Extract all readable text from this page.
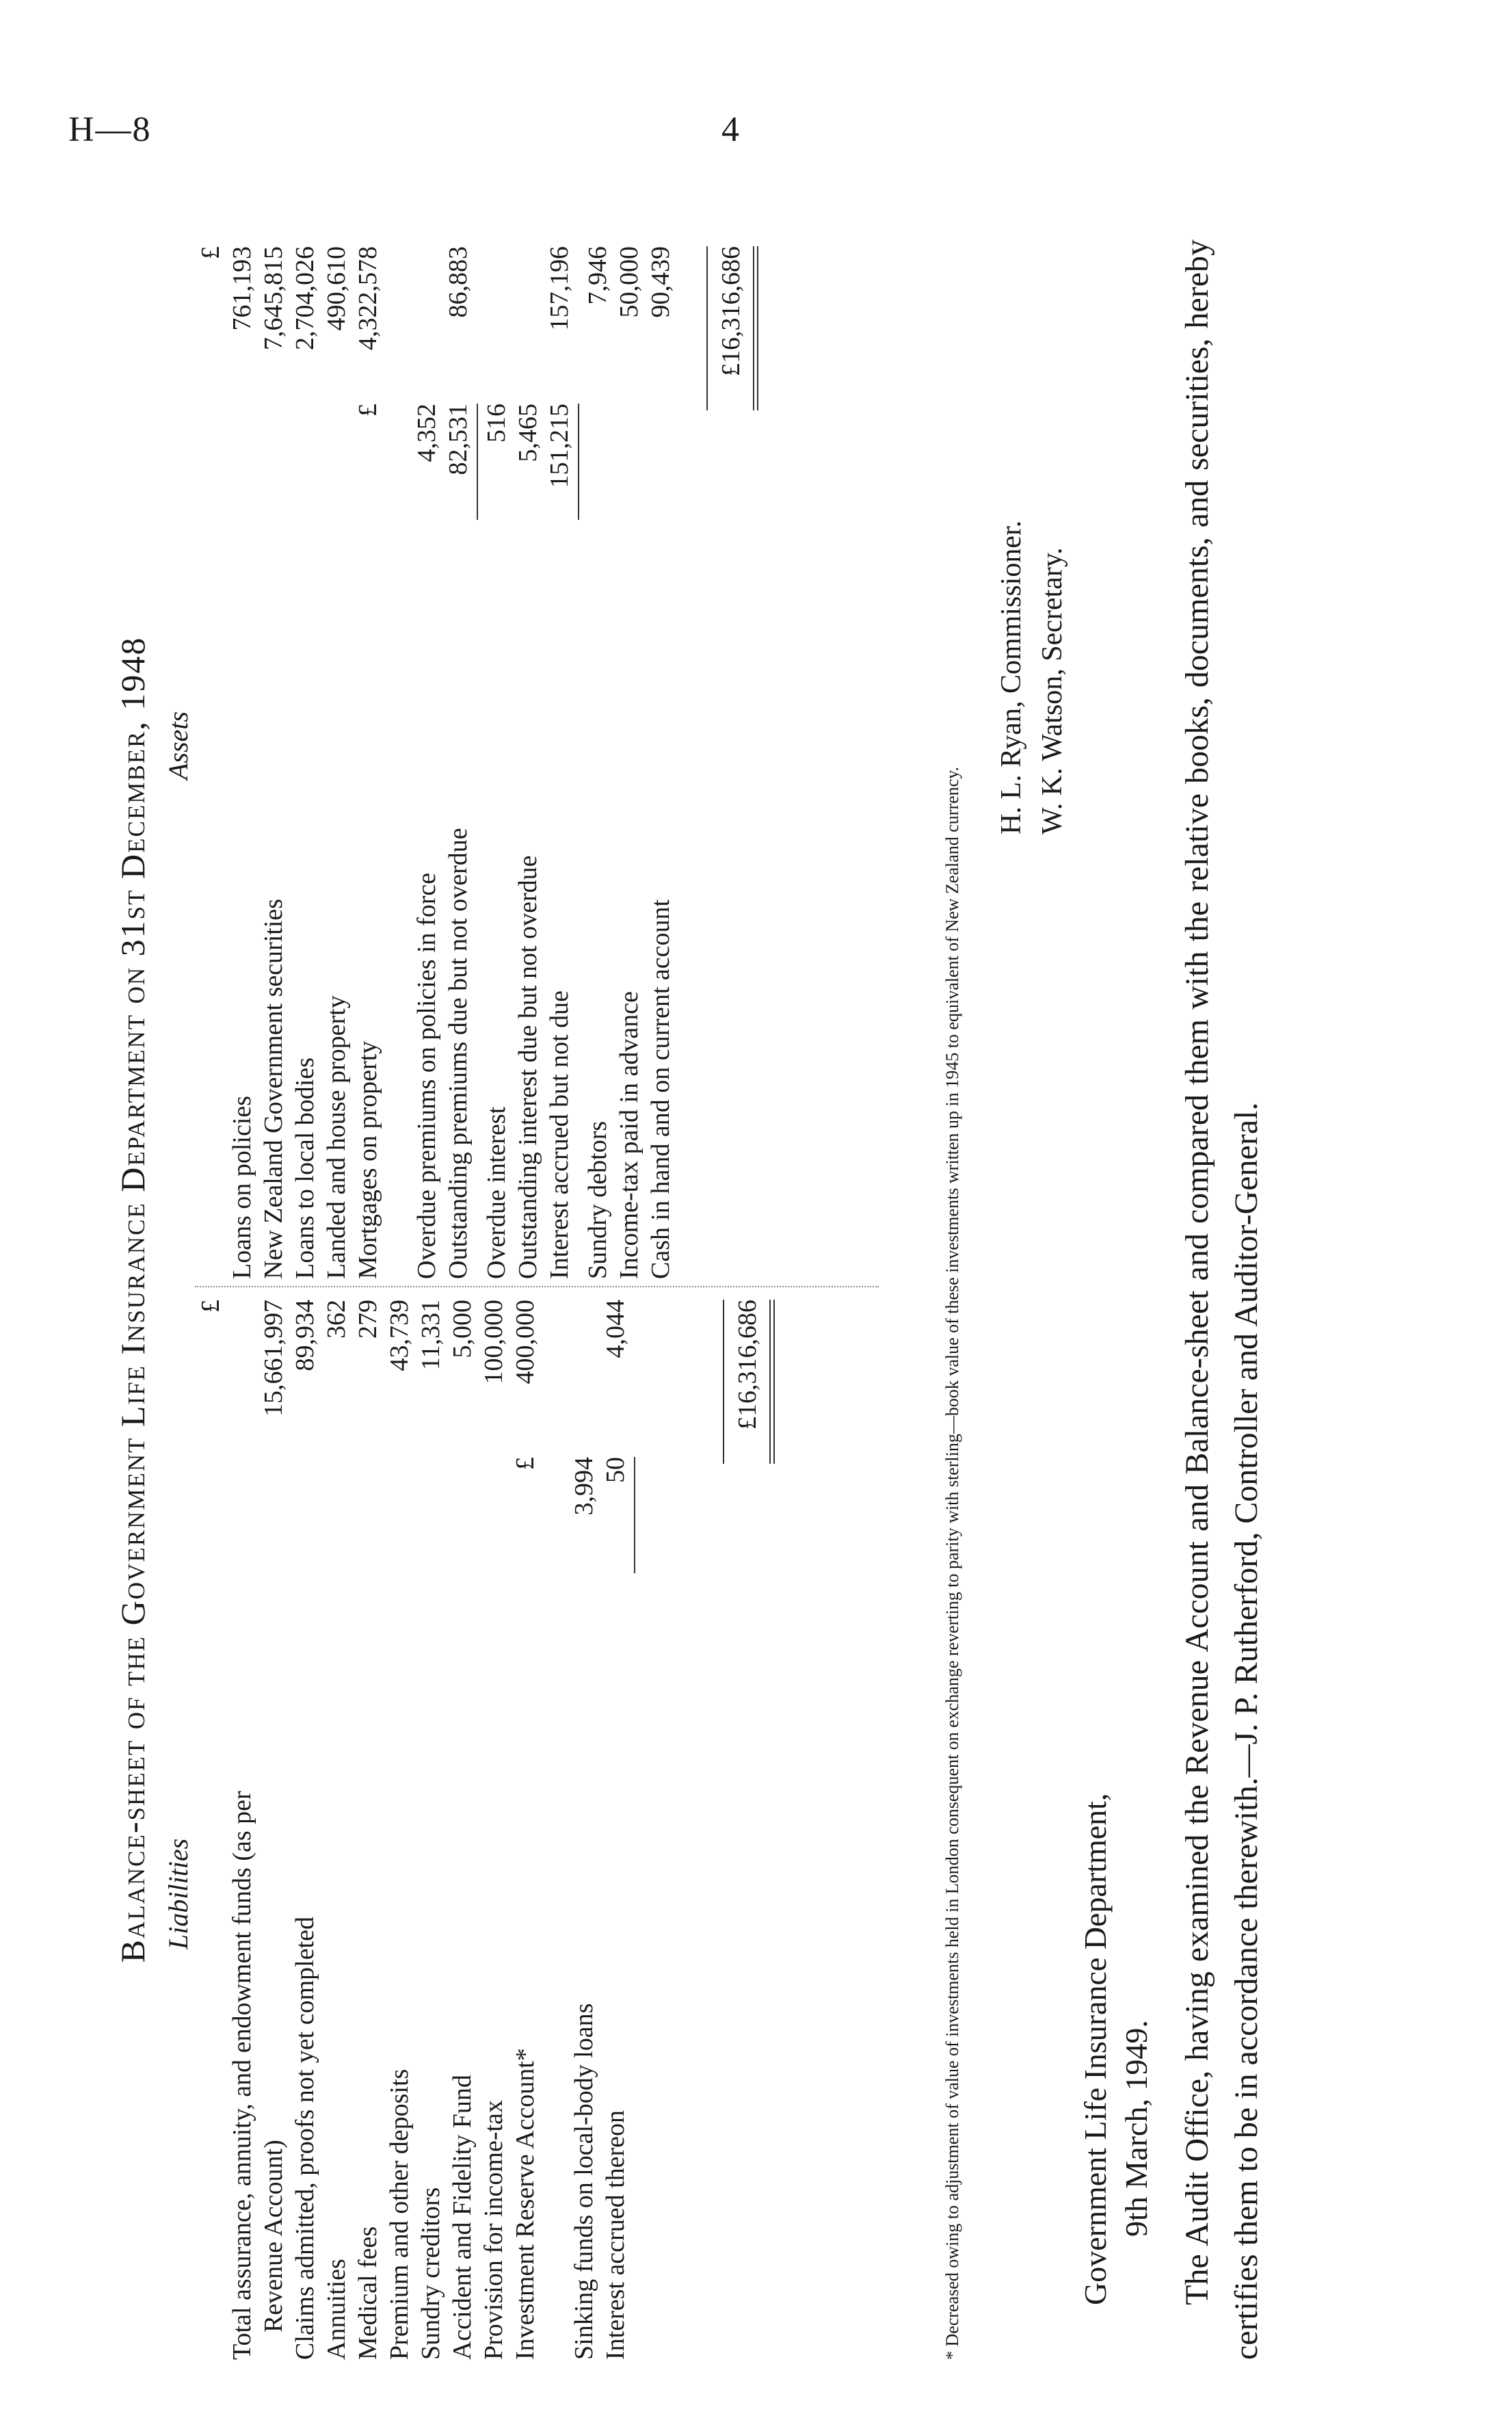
H—8	4
Balance-sheet of the Government Life Insurance Department on 31st December, 1948 Liabilities
Assets
£
Total assurance, annuity, and endowment funds (as per Revenue Account)
15,661,997
Claims admitted, proofs not yet completed
89,934
Annuities
362
Medical fees
279
Premium and other deposits
43,739
Sundry creditors
11,331
Accident and Fidelity Fund
5,000
Provision for income-tax
100,000
Investment Reserve Account*
£
400,000
Sinking funds on local-body loans
3,994
Interest accrued thereon
50
4,044	£16,316,686
£
Loans on policies
761,193
New Zealand Government securities
7,645,815
Loans to local bodies
2,704,026
Landed and house property
490,610
Mortgages on property
£
4,322,578
Overdue premiums on policies in force
4,352
Outstanding premiums due but not overdue
82,531
86,883
Overdue interest
516
Outstanding interest due but not overdue
5,465
Interest accrued but not due
151,215
157,196
Sundry debtors
7,946
Income-tax paid in advance
50,000
Cash in hand and on current account
90,439 £16,316,686
* Decreased owing to adjustment of value of investments held in London consequent on exchange reverting to parity with sterling—book value of these investments written up in 1945 to equivalent of New Zealand currency.
H. L. Ryan, Commissioner. W. K. Watson, Secretary.
Government Life Insurance Department, 9th March, 1949. The Audit Office, having examined the Revenue Account and Balance-sheet and compared them with the relative books, documents, and securities, hereby certifies them to be in accordance therewith.—J. P. Rutherford, Controller and Auditor-General.
